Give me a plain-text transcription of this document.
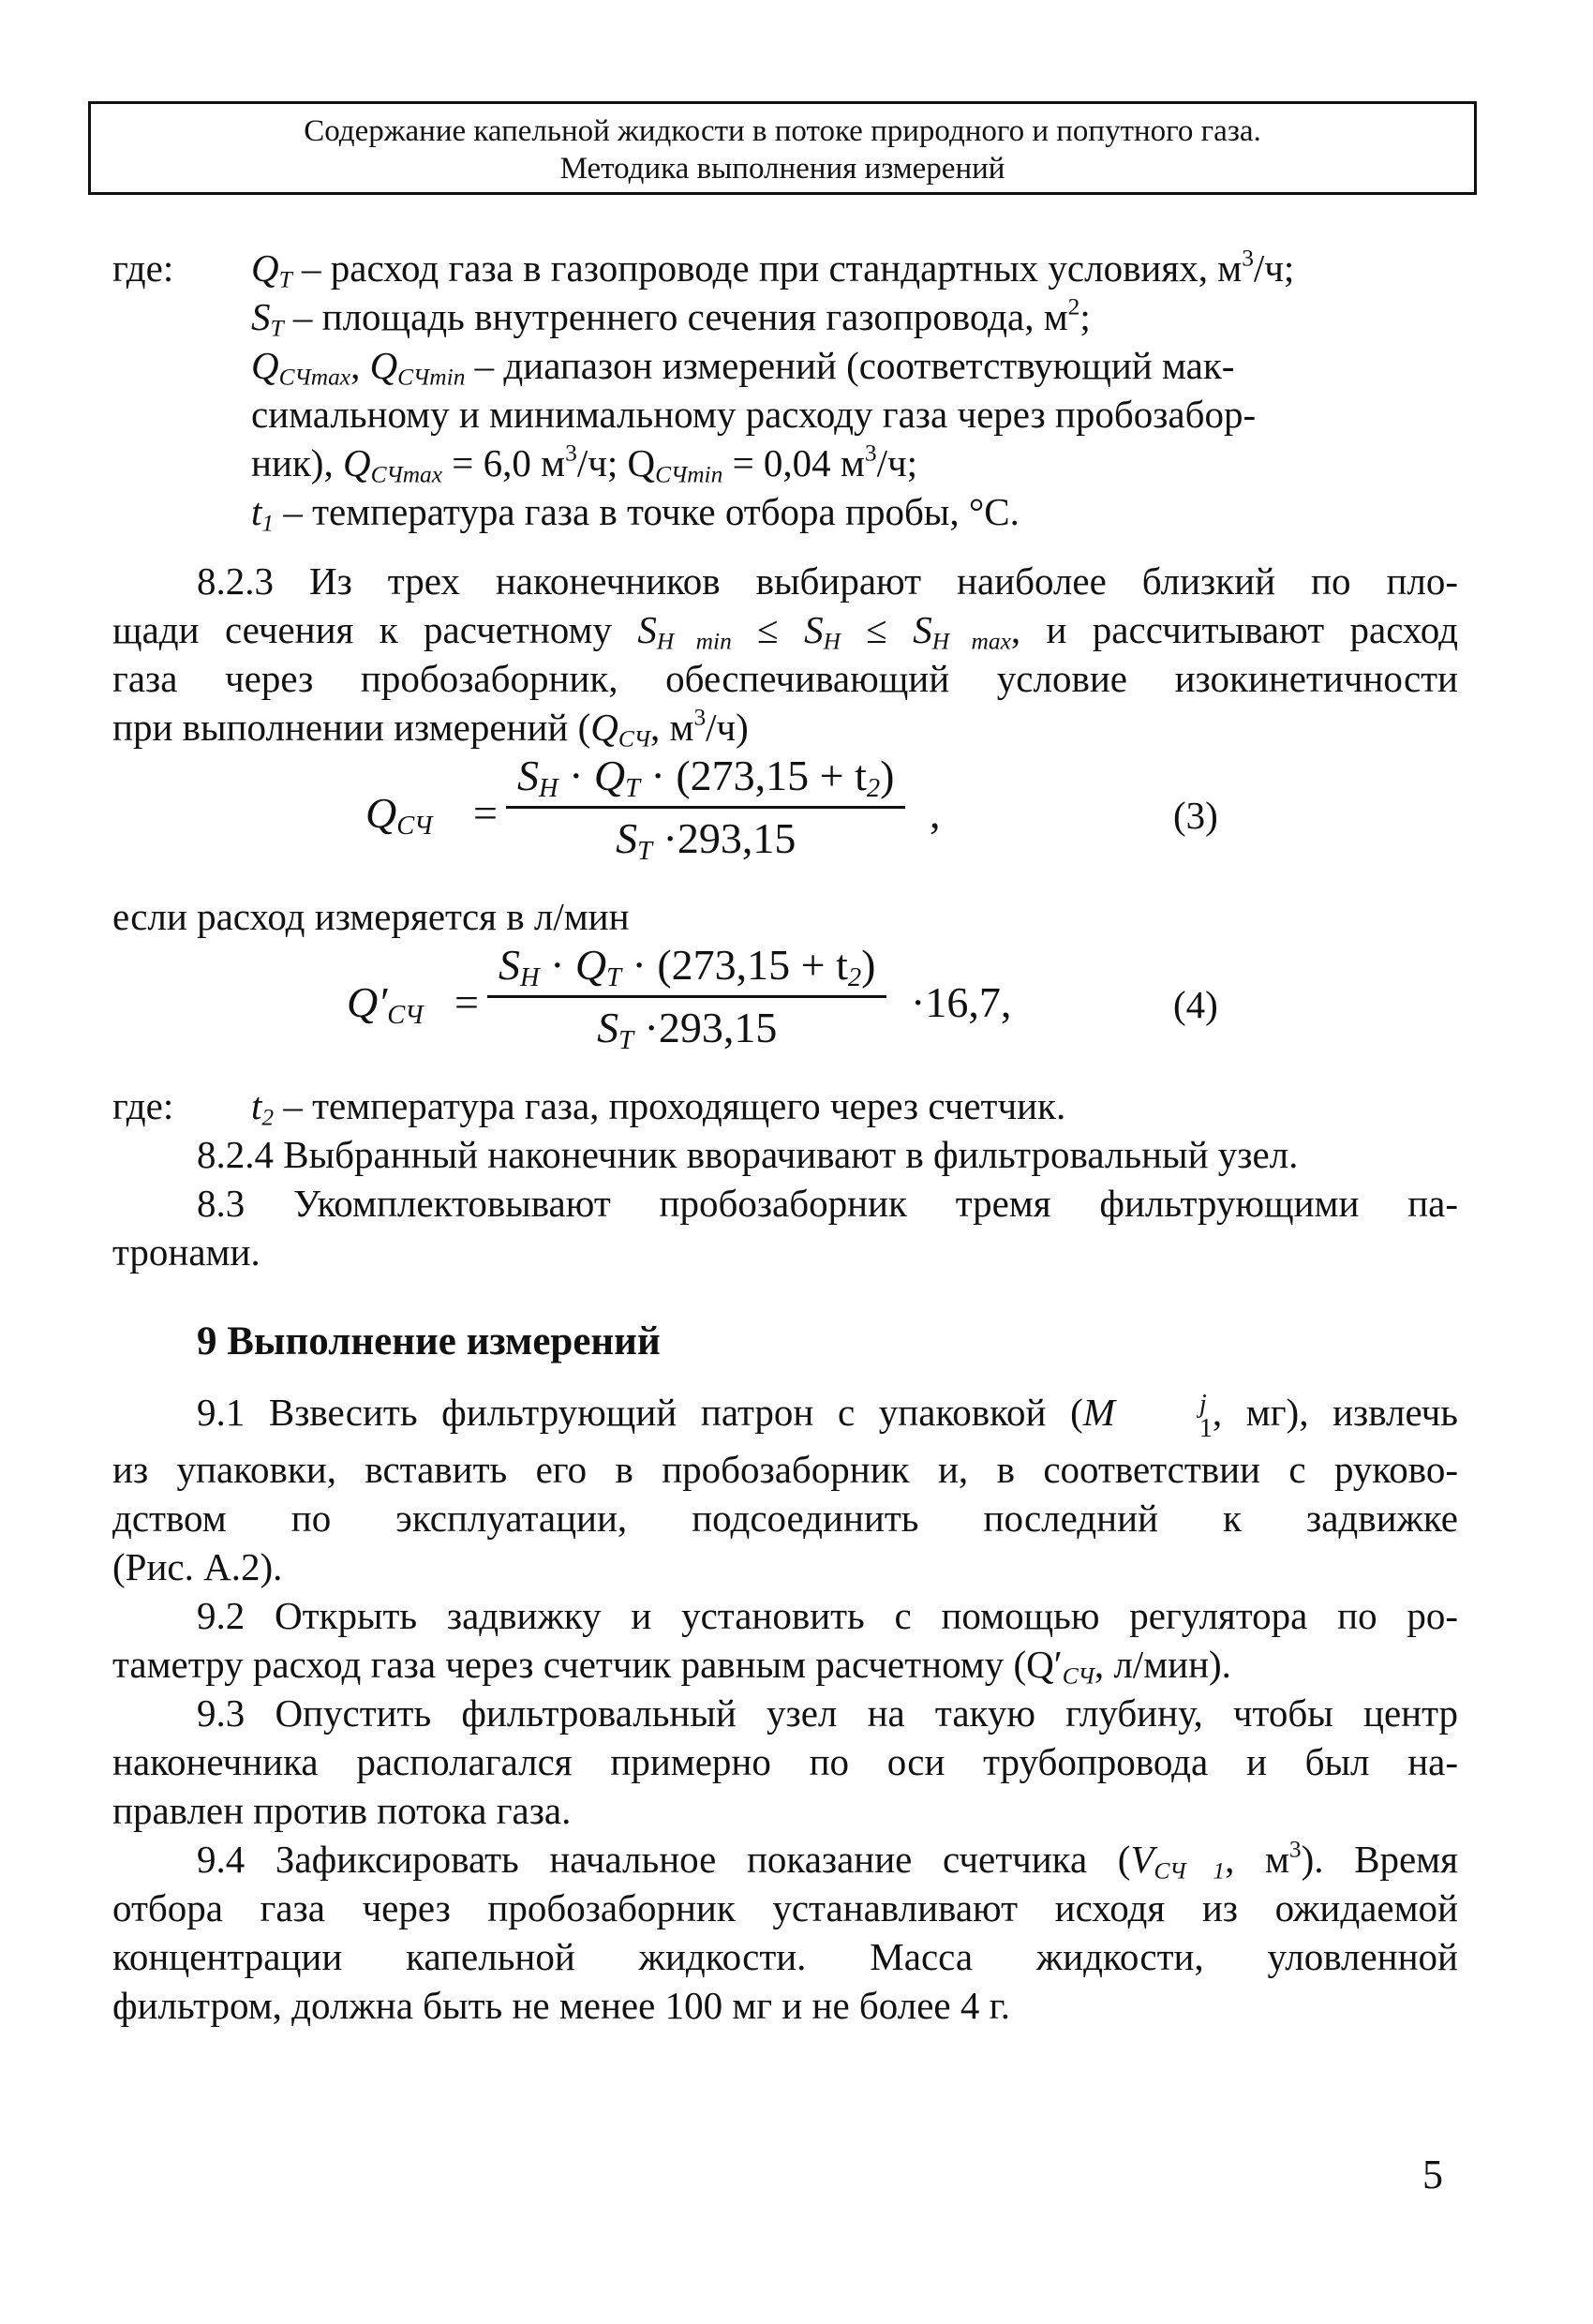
Содержание капельной жидкости в потоке природного и попутного газа.
Методика выполнения измерений
где: $Q_T$ – расход газа в газопроводе при стандартных условиях, $м^3/ч$;
$S_T$ – площадь внутреннего сечения газопровода, $м^2$;
$Q_{СЧmax}$, $Q_{СЧmin}$ – диапазон измерений (соответствующий мак-
симальному и минимальному расходу газа через пробозабор-
ник), $Q_{СЧmax} = 6,0$ $м^3/ч$; $Q_{СЧmin} = 0,04$ $м^3/ч$;
$t_1$ – температура газа в точке отбора пробы, °С.
8.2.3 Из трех наконечников выбирают наиболее близкий по пло-
щади сечения к расчетному $S_{H min} \le S_H \le S_{H max}$, и рассчитывают расход
газа через пробозаборник, обеспечивающий условие изокинетичности
при выполнении измерений ($Q_{СЧ}$, $м^3/ч$)
$Q_{СЧ} = \frac{S_H \cdot Q_T \cdot (273,15 + t_2)}{S_T \cdot 293,15}$ ,	(3)
если расход измеряетcя в л/мин
$Q'_{СЧ} = \frac{S_H \cdot Q_T \cdot (273,15 + t_2)}{S_T \cdot 293,15} \cdot 16,7$,	(4)
где: $t_2$ – температура газа, проходящего через счетчик.
8.2.4 Выбранный наконечник вворачивают в фильтровальный узел.
8.3 Укомплектовывают пробозаборник тремя фильтрующими па-
тронами.
9 Выполнение измерений
9.1 Взвесить фильтрующий патрон с упаковкой (M	j
1 , мг), извлечь
из упаковки, вставить его в пробозаборник и, в соответствии с руково-
дством по эксплуатации, подсоединить последний к задвижке
(Рис. А.2).
9.2 Открыть задвижку и установить с помощью регулятора по ро-
таметру расход газа через счетчик равным расчетному ($Q'_{СЧ}$, л/мин).
9.3 Опустить фильтровальный узел на такую глубину, чтобы центр
наконечника располагался примерно по оси трубопровода и был на-
правлен против потока газа.
9.4 Зафиксировать начальное показание счетчика ($V_{СЧ 1}$, $м^3$). Время
отбора газа через пробозаборник устанавливают исходя из ожидаемой
концентрации капельной жидкости. Масса жидкости, уловленной
фильтром, должна быть не менее 100 мг и не более 4 г.
5
